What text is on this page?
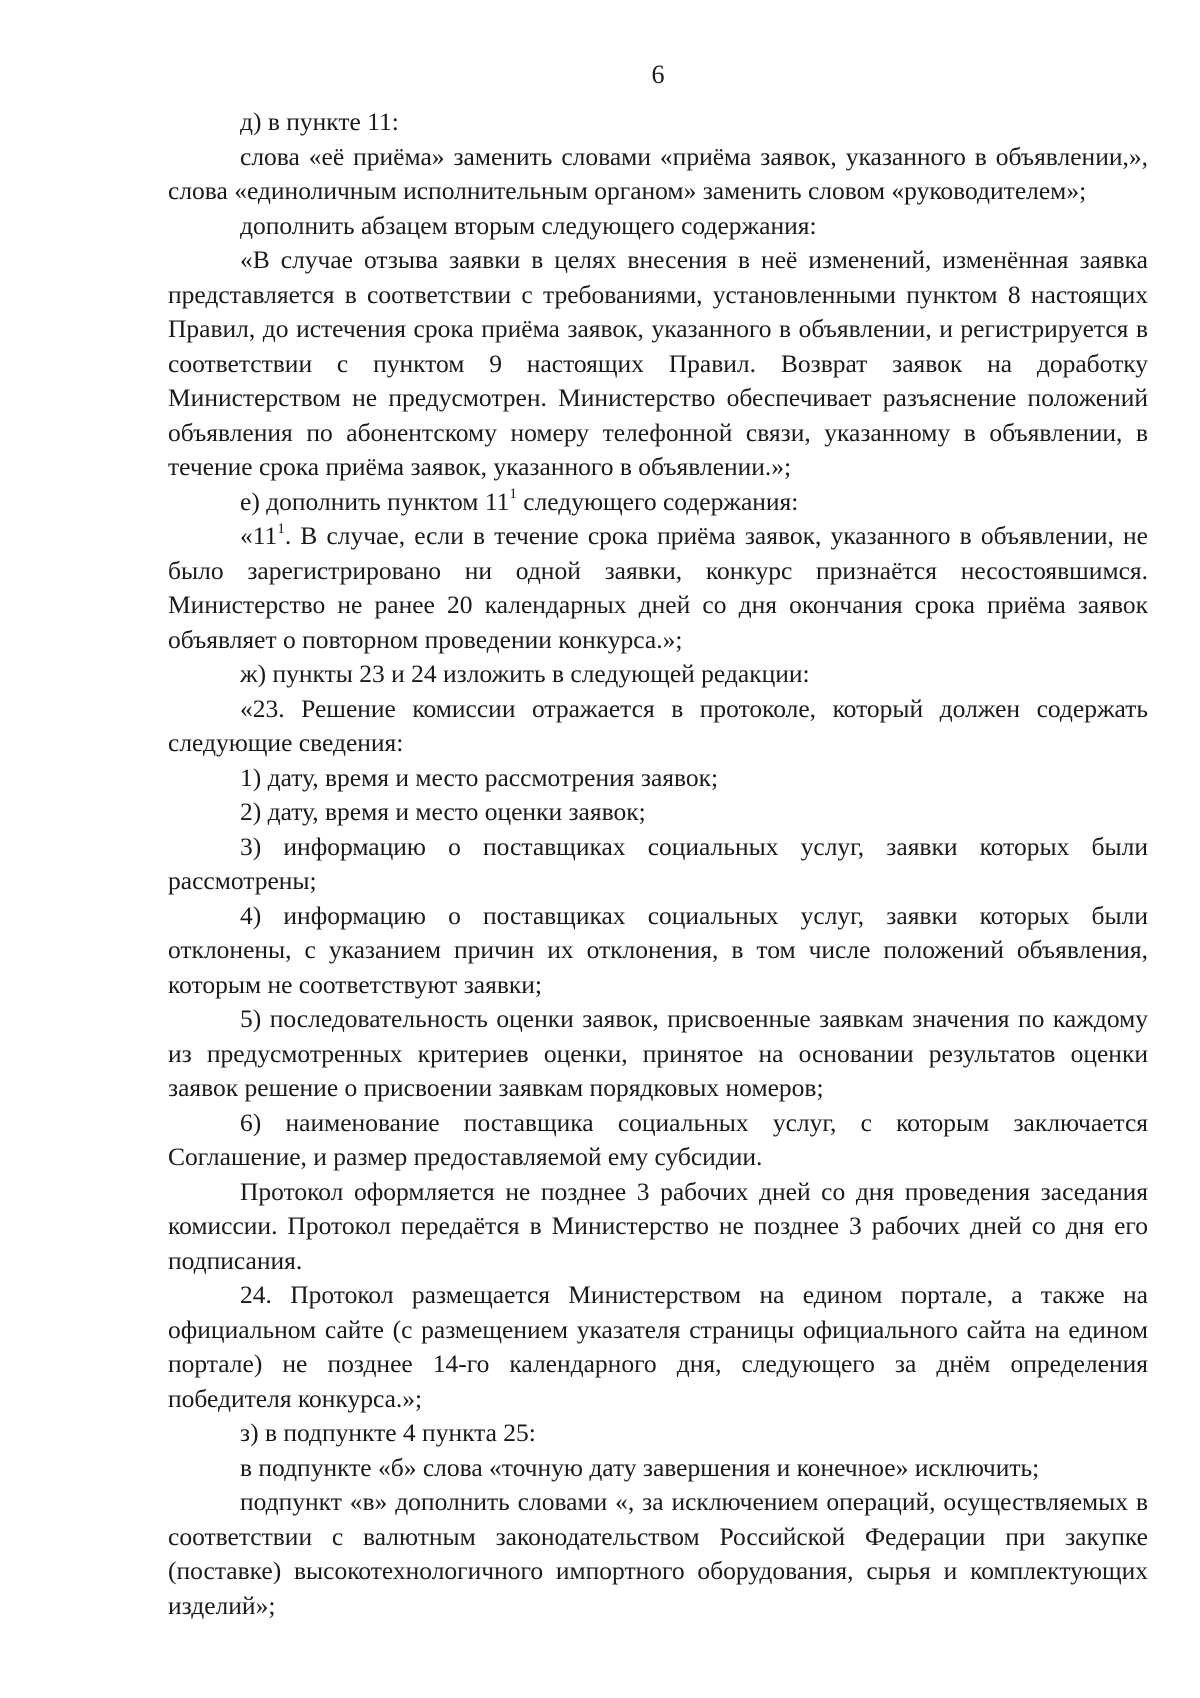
6

д) в пункте 11:

слова «её приёма» заменить словами «приёма заявок, указанного в объявлении,», слова «единоличным исполнительным органом» заменить словом «руководителем»;

дополнить абзацем вторым следующего содержания:

«В случае отзыва заявки в целях внесения в неё изменений, изменённая заявка представляется в соответствии с требованиями, установленными пунктом 8 настоящих Правил, до истечения срока приёма заявок, указанного в объявлении, и регистрируется в соответствии с пунктом 9 настоящих Правил. Возврат заявок на доработку Министерством не предусмотрен. Министерство обеспечивает разъяснение положений объявления по абонентскому номеру телефонной связи, указанному в объявлении, в течение срока приёма заявок, указанного в объявлении.»;

е) дополнить пунктом $11^1$ следующего содержания:

«$11^1$. В случае, если в течение срока приёма заявок, указанного в объявлении, не было зарегистрировано ни одной заявки, конкурс признаётся несостоявшимся. Министерство не ранее 20 календарных дней со дня окончания срока приёма заявок объявляет о повторном проведении конкурса.»;

ж) пункты 23 и 24 изложить в следующей редакции:

«23. Решение комиссии отражается в протоколе, который должен содержать следующие сведения:

1) дату, время и место рассмотрения заявок;

2) дату, время и место оценки заявок;

3) информацию о поставщиках социальных услуг, заявки которых были рассмотрены;

4) информацию о поставщиках социальных услуг, заявки которых были отклонены, с указанием причин их отклонения, в том числе положений объявления, которым не соответствуют заявки;

5) последовательность оценки заявок, присвоенные заявкам значения по каждому из предусмотренных критериев оценки, принятое на основании результатов оценки заявок решение о присвоении заявкам порядковых номеров;

6) наименование поставщика социальных услуг, с которым заключается Соглашение, и размер предоставляемой ему субсидии.

Протокол оформляется не позднее 3 рабочих дней со дня проведения заседания комиссии. Протокол передаётся в Министерство не позднее 3 рабочих дней со дня его подписания.

24. Протокол размещается Министерством на едином портале, а также на официальном сайте (с размещением указателя страницы официального сайта на едином портале) не позднее 14-го календарного дня, следующего за днём определения победителя конкурса.»;

з) в подпункте 4 пункта 25:

в подпункте «б» слова «точную дату завершения и конечное» исключить;

подпункт «в» дополнить словами «, за исключением операций, осуществляемых в соответствии с валютным законодательством Российской Федерации при закупке (поставке) высокотехнологичного импортного оборудования, сырья и комплектующих изделий»;
